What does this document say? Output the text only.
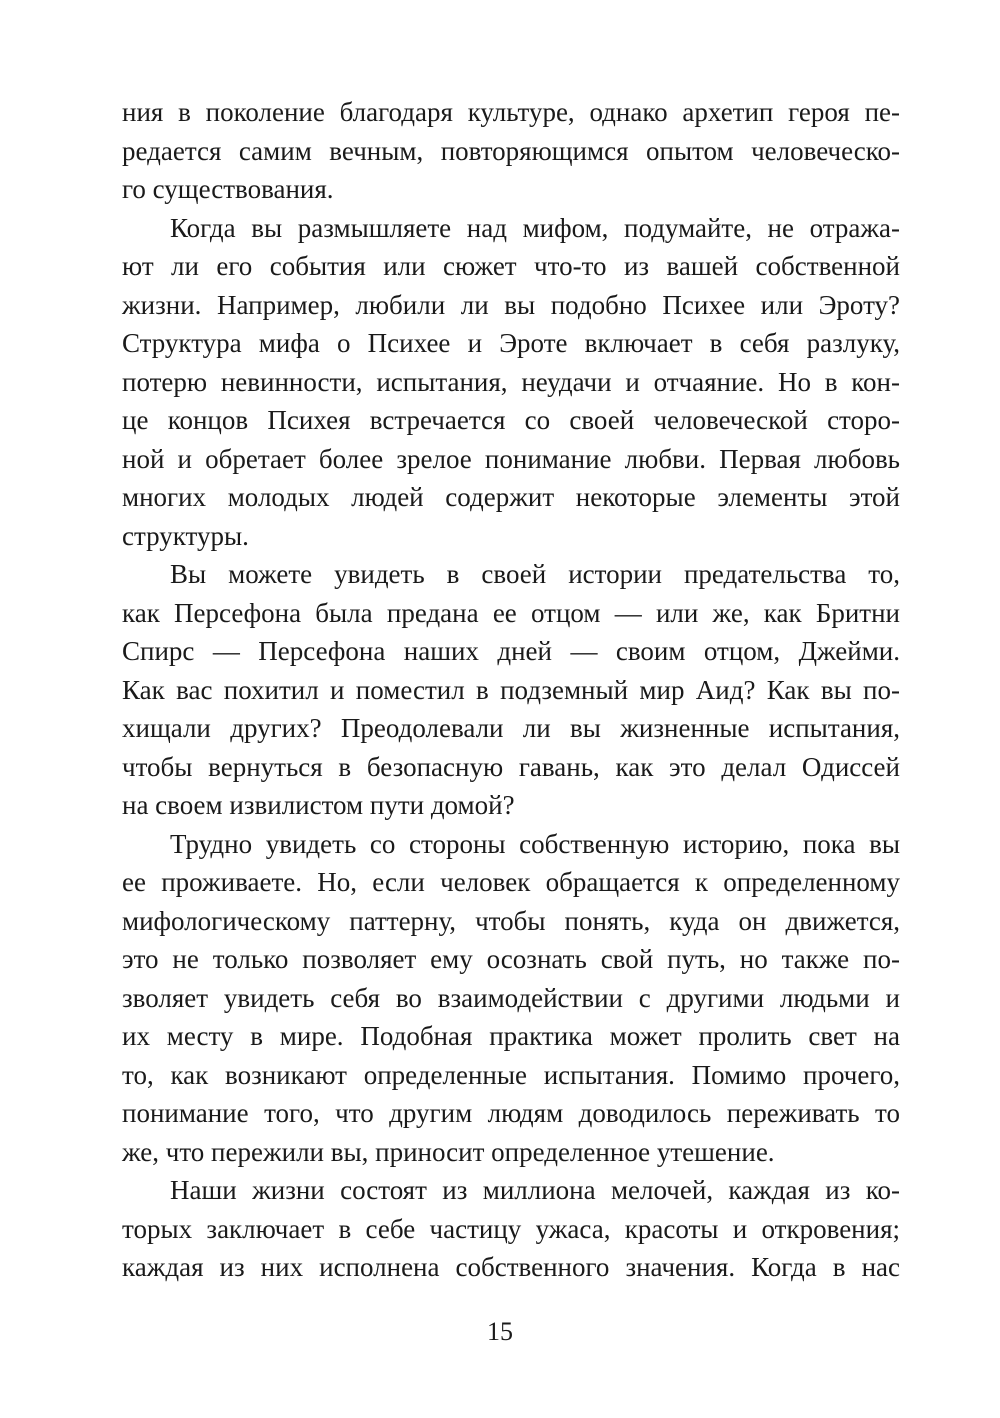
ния в поколение благодаря культуре, однако архетип героя пе-
редается самим вечным, повторяющимся опытом человеческо-
го существования.
Когда вы размышляете над мифом, подумайте, не отража-
ют ли его события или сюжет что-то из вашей собственной
жизни. Например, любили ли вы подобно Психее или Эроту?
Структура мифа о Психее и Эроте включает в себя разлуку,
потерю невинности, испытания, неудачи и отчаяние. Но в кон-
це концов Психея встречается со своей человеческой сторо-
ной и обретает более зрелое понимание любви. Первая любовь
многих молодых людей содержит некоторые элементы этой
структуры.
Вы можете увидеть в своей истории предательства то,
как Персефона была предана ее отцом — или же, как Бритни
Спирс — Персефона наших дней — своим отцом, Джейми.
Как вас похитил и поместил в подземный мир Аид? Как вы по-
хищали других? Преодолевали ли вы жизненные испытания,
чтобы вернуться в безопасную гавань, как это делал Одиссей
на своем извилистом пути домой?
Трудно увидеть со стороны собственную историю, пока вы
ее проживаете. Но, если человек обращается к определенному
мифологическому паттерну, чтобы понять, куда он движется,
это не только позволяет ему осознать свой путь, но также по-
зволяет увидеть себя во взаимодействии с другими людьми и
их месту в мире. Подобная практика может пролить свет на
то, как возникают определенные испытания. Помимо прочего,
понимание того, что другим людям доводилось переживать то
же, что пережили вы, приносит определенное утешение.
Наши жизни состоят из миллиона мелочей, каждая из ко-
торых заключает в себе частицу ужаса, красоты и откровения;
каждая из них исполнена собственного значения. Когда в нас
15
